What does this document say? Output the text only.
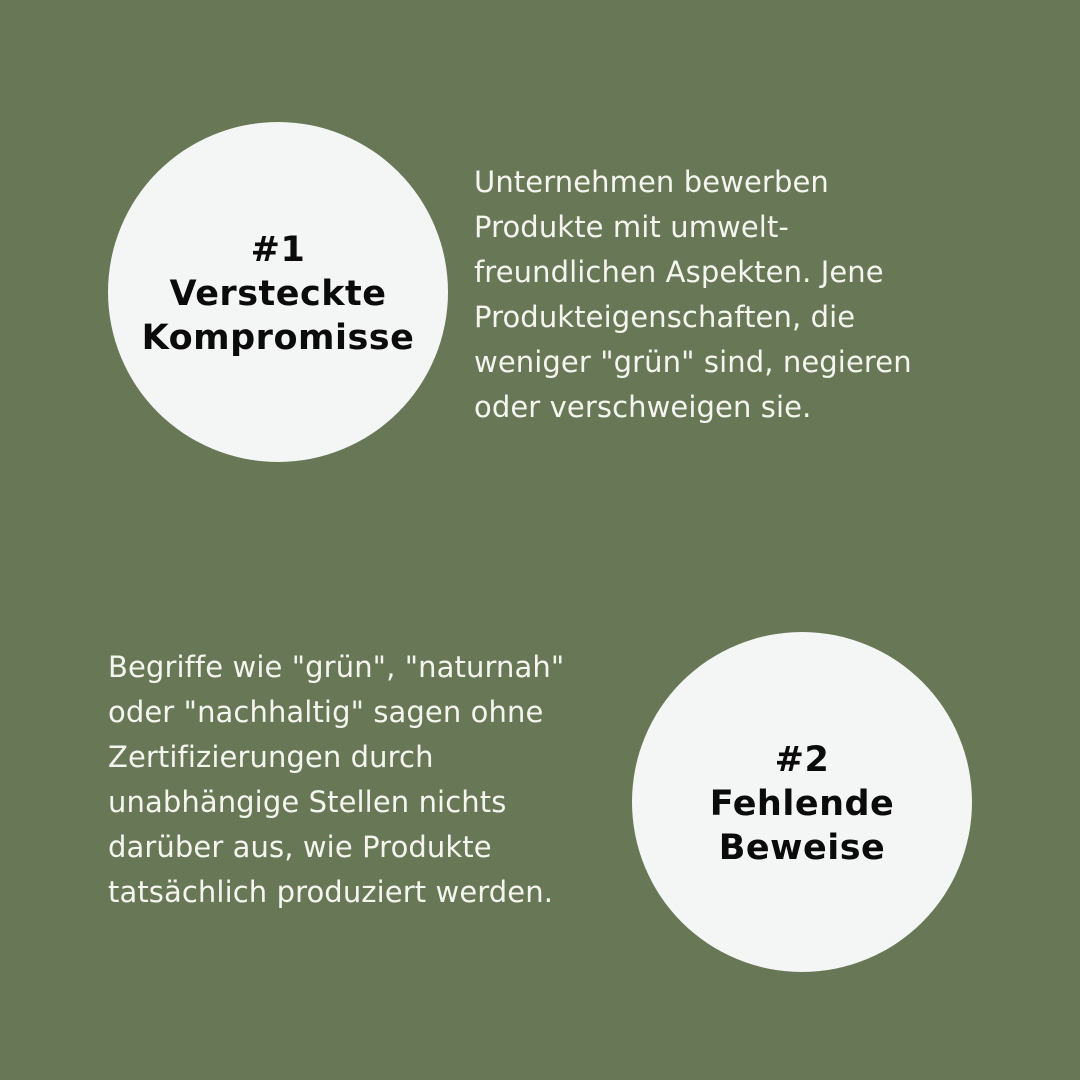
#1
Versteckte
Kompromisse

Unternehmen bewerben
Produkte mit umwelt-
freundlichen Aspekten. Jene
Produkteigenschaften, die
weniger "grün" sind, negieren
oder verschweigen sie.

Begriffe wie "grün", "naturnah"
oder "nachhaltig" sagen ohne
Zertifizierungen durch
unabhängige Stellen nichts
darüber aus, wie Produkte
tatsächlich produziert werden.

#2
Fehlende
Beweise
